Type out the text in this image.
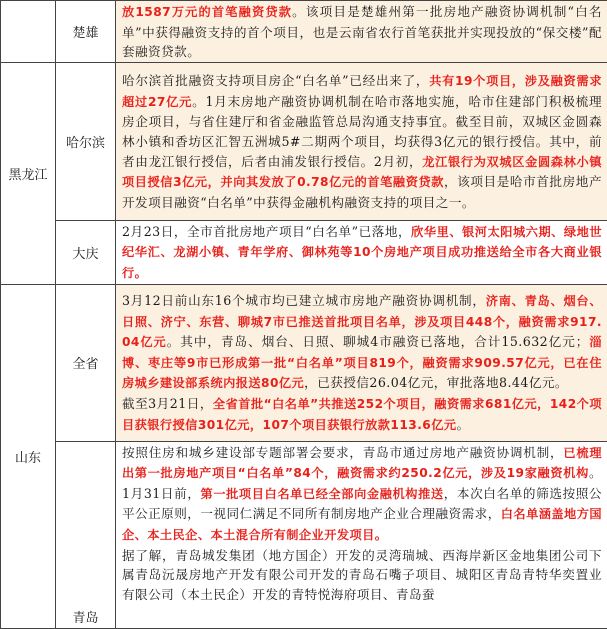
	楚雄	放1587万元的首笔融资贷款。该项目是楚雄州第一批房地产融资协调机制“白名单”中获得融资支持的首个项目，也是云南省农行首笔获批并实现投放的“保交楼”配套融资贷款。

黑龙江	哈尔滨	哈尔滨首批融资支持项目房企“白名单”已经出来了，共有19个项目，涉及融资需求超过27亿元。1月末房地产融资协调机制在哈市落地实施，哈市住建部门积极梳理房企项目，与省住建厅和省金融监管总局沟通支持事宜。截至目前，双城区金圆森林小镇和香坊区汇智五洲城5#二期两个项目，均获得3亿元的银行授信。其中，前者由龙江银行授信，后者由浦发银行授信。2月初，龙江银行为双城区金圆森林小镇项目授信3亿元，并向其发放了0.78亿元的首笔融资贷款，该项目是哈市首批房地产开发项目融资“白名单”中获得金融机构融资支持的项目之一。

	大庆	2月23日，全市首批房地产项目“白名单”已落地，欣华里、银河太阳城六期、绿地世纪华汇、龙湖小镇、青年学府、御林苑等10个房地产项目成功推送给全市各大商业银行。

山东	全省	3月12日前山东16个城市均已建立城市房地产融资协调机制，济南、青岛、烟台、日照、济宁、东营、聊城7市已推送首批项目名单，涉及项目448个，融资需求917.04亿元。其中，青岛、烟台、日照、聊城4市融资已落地，合计15.632亿元；淄博、枣庄等9市已形成第一批“白名单”项目819个，融资需求909.57亿元，已在住房城乡建设部系统内报送80亿元，已获授信26.04亿元，审批落地8.44亿元。

截至3月21日，全省首批“白名单”共推送252个项目，融资需求681亿元，142个项目获银行授信301亿元，107个项目获银行放款113.6亿元。

	青岛	按照住房和城乡建设部专题部署会要求，青岛市通过房地产融资协调机制，已梳理出第一批房地产项目“白名单”84个，融资需求约250.2亿元，涉及19家融资机构。1月31日前，第一批项目白名单已经全部向金融机构推送，本次白名单的筛选按照公平公正原则，一视同仁满足不同所有制房地产企业合理融资需求，白名单涵盖地方国企、本土民企、本土混合所有制企业开发项目。

据了解，青岛城发集团（地方国企）开发的灵湾瑞城、西海岸新区金地集团公司下属青岛沅晟房地产开发有限公司开发的青岛石嘴子项目、城阳区青岛青特华奕置业有限公司（本土民企）开发的青特悦海府项目、青岛蚕
